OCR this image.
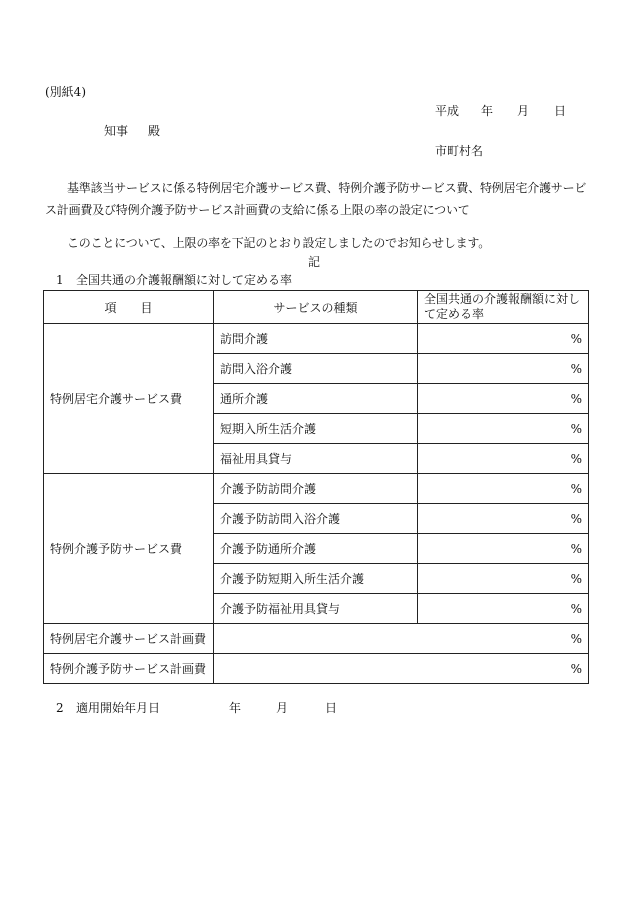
(別紙4)
平成 年 月 日
知事 殿
市町村名
基準該当サービスに係る特例居宅介護サービス費、特例介護予防サービス費、特例居宅介護サービス計画費及び特例介護予防サービス計画費の支給に係る上限の率の設定について
このことについて、上限の率を下記のとおり設定しましたのでお知らせします。
記
1 全国共通の介護報酬額に対して定める率
項　　目	サービスの種類	全国共通の介護報酬額に対して定める率
特例居宅介護サービス費	訪問介護	%
	訪問入浴介護	%
	通所介護	%
	短期入所生活介護	%
	福祉用具貸与	%
特例介護予防サービス費	介護予防訪問介護	%
	介護予防訪問入浴介護	%
	介護予防通所介護	%
	介護予防短期入所生活介護	%
	介護予防福祉用具貸与	%
特例居宅介護サービス計画費	%	
特例介護予防サービス計画費	%	
2 適用開始年月日	年	月	日
